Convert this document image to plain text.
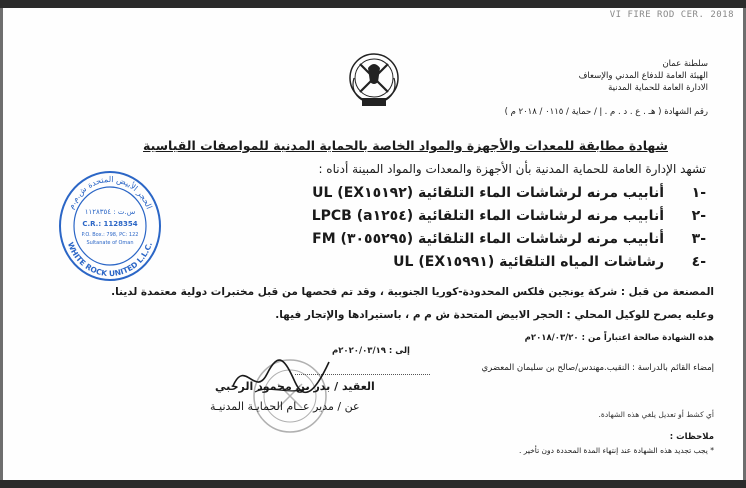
VI FIRE ROD CER. 2018
سلطنة عمان
الهيئة العامة للدفاع المدني والإسعاف
الادارة العامة للحماية المدنية
رقم الشهادة ( هـ . ع . د . م . إ / حماية / ٠١١٥ / ٢٠١٨ م )
شهادة مطابقة للمعدات والأجهزة والمواد الخاصة بالحماية المدنية للمواصفات القياسية
تشهد الإدارة العامة للحماية المدنية بأن الأجهزة والمعدات والمواد المبينة أدناه :
-١
أنابيب مرنه لرشاشات الماء التلقائية (EX١٥١٩٢) UL
-٢
أنابيب مرنه لرشاشات الماء التلقائية (a١٢٥٤) LPCB
-٣
أنابيب مرنه لرشاشات الماء التلقائية (٣٠٥٥٢٩٥) FM
-٤
رشاشات المياه التلقائية (EX١٥٩٩١) UL
الحجر الأبيض المتحدة ش.م.م
WHITE ROCK UNITED L.L.C.
س.ت : ١١٢٨٣٥٤
C.R.: 1128354
P.O. Box.: 798, PC: 122
Sultanate of Oman
المصنعة من قبل : شركة يونجين فلكس المحدودة-كوريا الجنوبية ، وقد تم فحصها من قبل مختبرات دولية معتمدة لدينا.
وعليه يصرح للوكيل المحلي : الحجر الابيض المتحدة ش م م ، باستيرادها والإتجار فيها.
هذه الشهادة صالحة اعتباراً من : ٢٠١٨/٠٣/٢٠م
إلى : ٢٠٢٠/٠٣/١٩م
إمضاء القائم بالدراسة : النقيب.مهندس/صالح بن سليمان المعضري
العقيد / بدر بن محمود الرحبي
عن / مدير عــام الحمايـة المدنيـة
أي كشط أو تعديل يلغي هذه الشهادة.
ملاحظات :
* يجب تجديد هذه الشهادة عند إنتهاء المدة المحددة دون تأخير .
